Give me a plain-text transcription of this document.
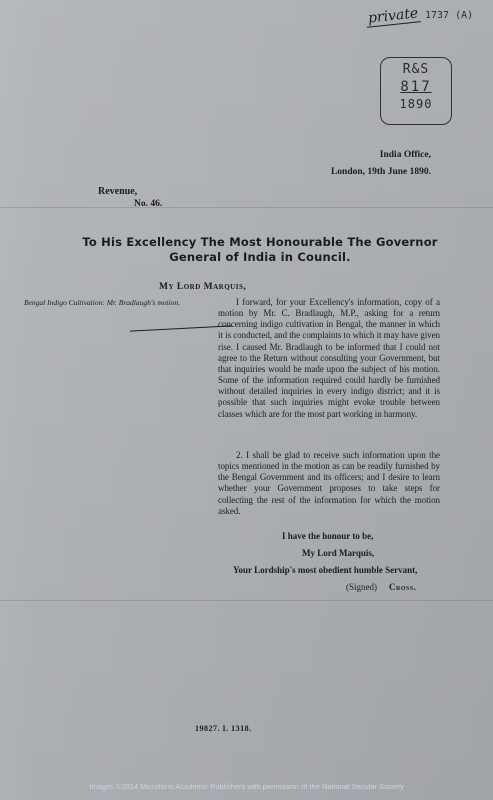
private 1737 (A)
R&S
817
1890
India Office,
London, 19th June 1890.
Revenue,
No. 46.
To His Excellency The Most Honourable The Governor
General of India in Council.
My Lord Marquis,
Bengal Indigo Cultivation: Mr. Bradlaugh's motion.	I forward, for your Excellency's information, copy of a motion by Mr. C. Bradlaugh, M.P., asking for a return concerning indigo cultivation in Bengal, the manner in which it is conducted, and the complaints to which it may have given rise. I caused Mr. Bradlaugh to be informed that I could not agree to the Return without consulting your Government, but that inquiries would be made upon the subject of his motion. Some of the information required could hardly be furnished without detailed inquiries in every indigo district; and it is possible that such inquiries might evoke trouble between classes which are for the most part working in harmony.
2. I shall be glad to receive such information upon the topics mentioned in the motion as can be readily furnished by the Bengal Government and its officers; and I desire to learn whether your Government proposes to take steps for collecting the rest of the information for which the motion asked.
I have the honour to be,
My Lord Marquis,
Your Lordship's most obedient humble Servant,
(Signed) Cross.
19827. I. 1318.
Images ©2014 Microform Academic Publishers with permission of the National Secular Society
